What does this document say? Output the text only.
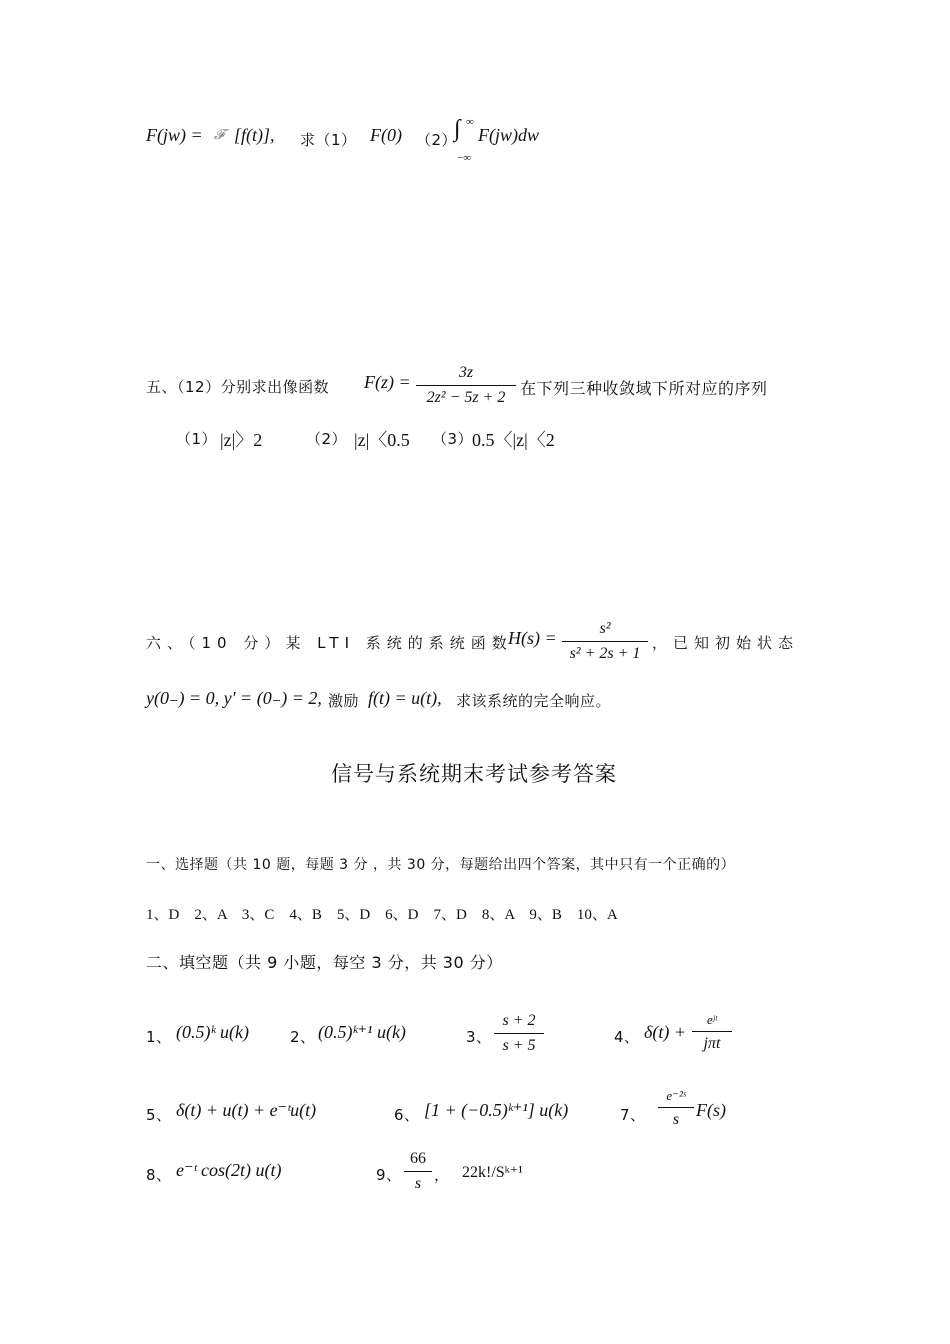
F(jw) = 𝓕 [f(t)], 求（1） F(0) （2）
∫ ∞
−∞
F(jw)dw
五、（12）分别求出像函数 F(z) =	3z
2z² − 5z + 2 在下列三种收敛域下所对应的序列
（1） |z|〉2	（2） |z|〈0.5 （3）
0.5〈|z|〈2
六、（10 分）某 LTI 系统的系统函数
H(s) =	s²
s² + 2s + 1
，已知初始状态
y(0₋) = 0, y′ = (0₋) = 2, 激励 f(t) = u(t), 求该系统的完全响应。
信号与系统期末考试参考答案
一、选择题（共 10 题，每题 3 分 ，共 30 分，每题给出四个答案，其中只有一个正确的）
1、D　2、A　3、C　4、B　5、D　6、D　7、D　8、A　9、B　10、A
二、填空题（共 9 小题，每空 3 分，共 30 分）
1、 (0.5)ᵏ u(k)	2、 (0.5)ᵏ⁺¹ u(k)	3、
s + 2
s + 5	4、 δ(t) +
eʲᵗ
jπt
5、 δ(t) + u(t) + e⁻ᵗu(t)	6、 [1 + (−0.5)ᵏ⁺¹] u(k)	7、
e⁻²ˢ
s F(s)
8、 e⁻ᵗ cos(2t) u(t)	9、
66
s ， 22k!/Sᵏ⁺¹
